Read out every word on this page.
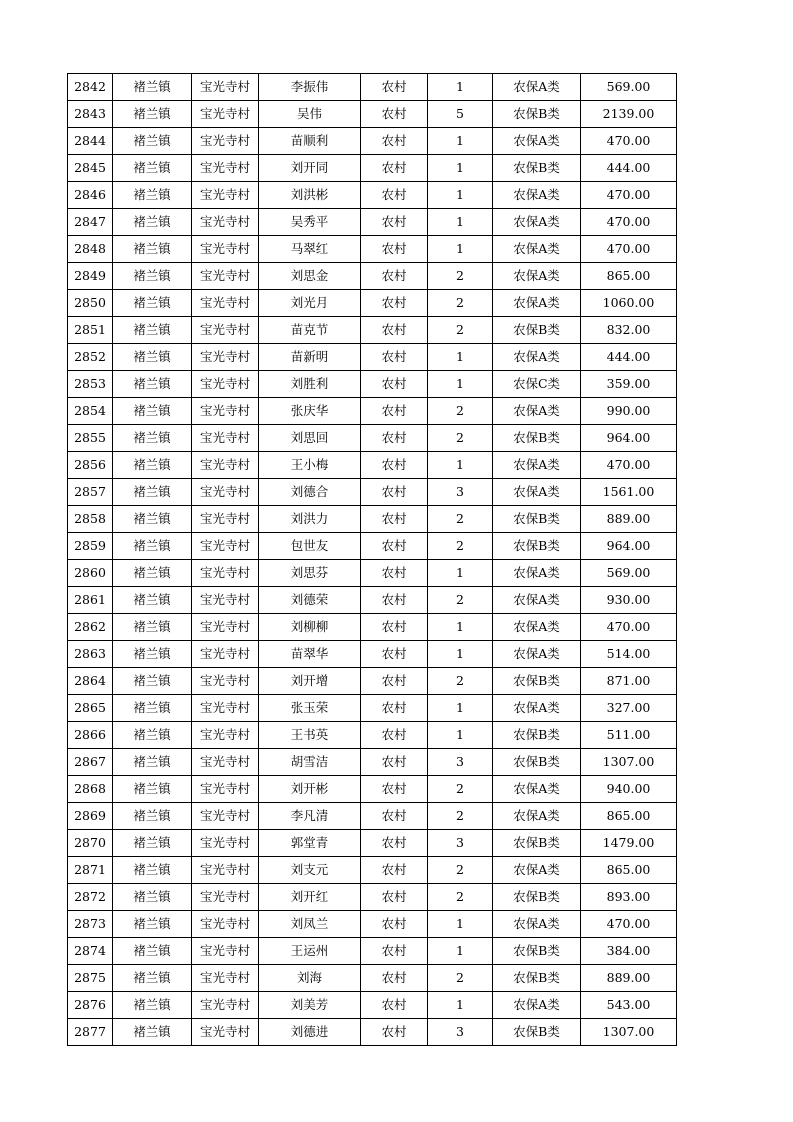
2842	褚兰镇	宝光寺村	李振伟	农村	1	农保A类	569.00
2843	褚兰镇	宝光寺村	吴伟	农村	5	农保B类	2139.00
2844	褚兰镇	宝光寺村	苗顺利	农村	1	农保A类	470.00
2845	褚兰镇	宝光寺村	刘开同	农村	1	农保B类	444.00
2846	褚兰镇	宝光寺村	刘洪彬	农村	1	农保A类	470.00
2847	褚兰镇	宝光寺村	吴秀平	农村	1	农保A类	470.00
2848	褚兰镇	宝光寺村	马翠红	农村	1	农保A类	470.00
2849	褚兰镇	宝光寺村	刘思金	农村	2	农保A类	865.00
2850	褚兰镇	宝光寺村	刘光月	农村	2	农保A类	1060.00
2851	褚兰镇	宝光寺村	苗克节	农村	2	农保B类	832.00
2852	褚兰镇	宝光寺村	苗新明	农村	1	农保A类	444.00
2853	褚兰镇	宝光寺村	刘胜利	农村	1	农保C类	359.00
2854	褚兰镇	宝光寺村	张庆华	农村	2	农保A类	990.00
2855	褚兰镇	宝光寺村	刘思回	农村	2	农保B类	964.00
2856	褚兰镇	宝光寺村	王小梅	农村	1	农保A类	470.00
2857	褚兰镇	宝光寺村	刘德合	农村	3	农保A类	1561.00
2858	褚兰镇	宝光寺村	刘洪力	农村	2	农保B类	889.00
2859	褚兰镇	宝光寺村	包世友	农村	2	农保B类	964.00
2860	褚兰镇	宝光寺村	刘思芬	农村	1	农保A类	569.00
2861	褚兰镇	宝光寺村	刘德荣	农村	2	农保A类	930.00
2862	褚兰镇	宝光寺村	刘柳柳	农村	1	农保A类	470.00
2863	褚兰镇	宝光寺村	苗翠华	农村	1	农保A类	514.00
2864	褚兰镇	宝光寺村	刘开增	农村	2	农保B类	871.00
2865	褚兰镇	宝光寺村	张玉荣	农村	1	农保A类	327.00
2866	褚兰镇	宝光寺村	王书英	农村	1	农保B类	511.00
2867	褚兰镇	宝光寺村	胡雪洁	农村	3	农保B类	1307.00
2868	褚兰镇	宝光寺村	刘开彬	农村	2	农保A类	940.00
2869	褚兰镇	宝光寺村	李凡清	农村	2	农保A类	865.00
2870	褚兰镇	宝光寺村	郭堂青	农村	3	农保B类	1479.00
2871	褚兰镇	宝光寺村	刘支元	农村	2	农保A类	865.00
2872	褚兰镇	宝光寺村	刘开红	农村	2	农保B类	893.00
2873	褚兰镇	宝光寺村	刘凤兰	农村	1	农保A类	470.00
2874	褚兰镇	宝光寺村	王运州	农村	1	农保B类	384.00
2875	褚兰镇	宝光寺村	刘海	农村	2	农保B类	889.00
2876	褚兰镇	宝光寺村	刘美芳	农村	1	农保A类	543.00
2877	褚兰镇	宝光寺村	刘德进	农村	3	农保B类	1307.00
